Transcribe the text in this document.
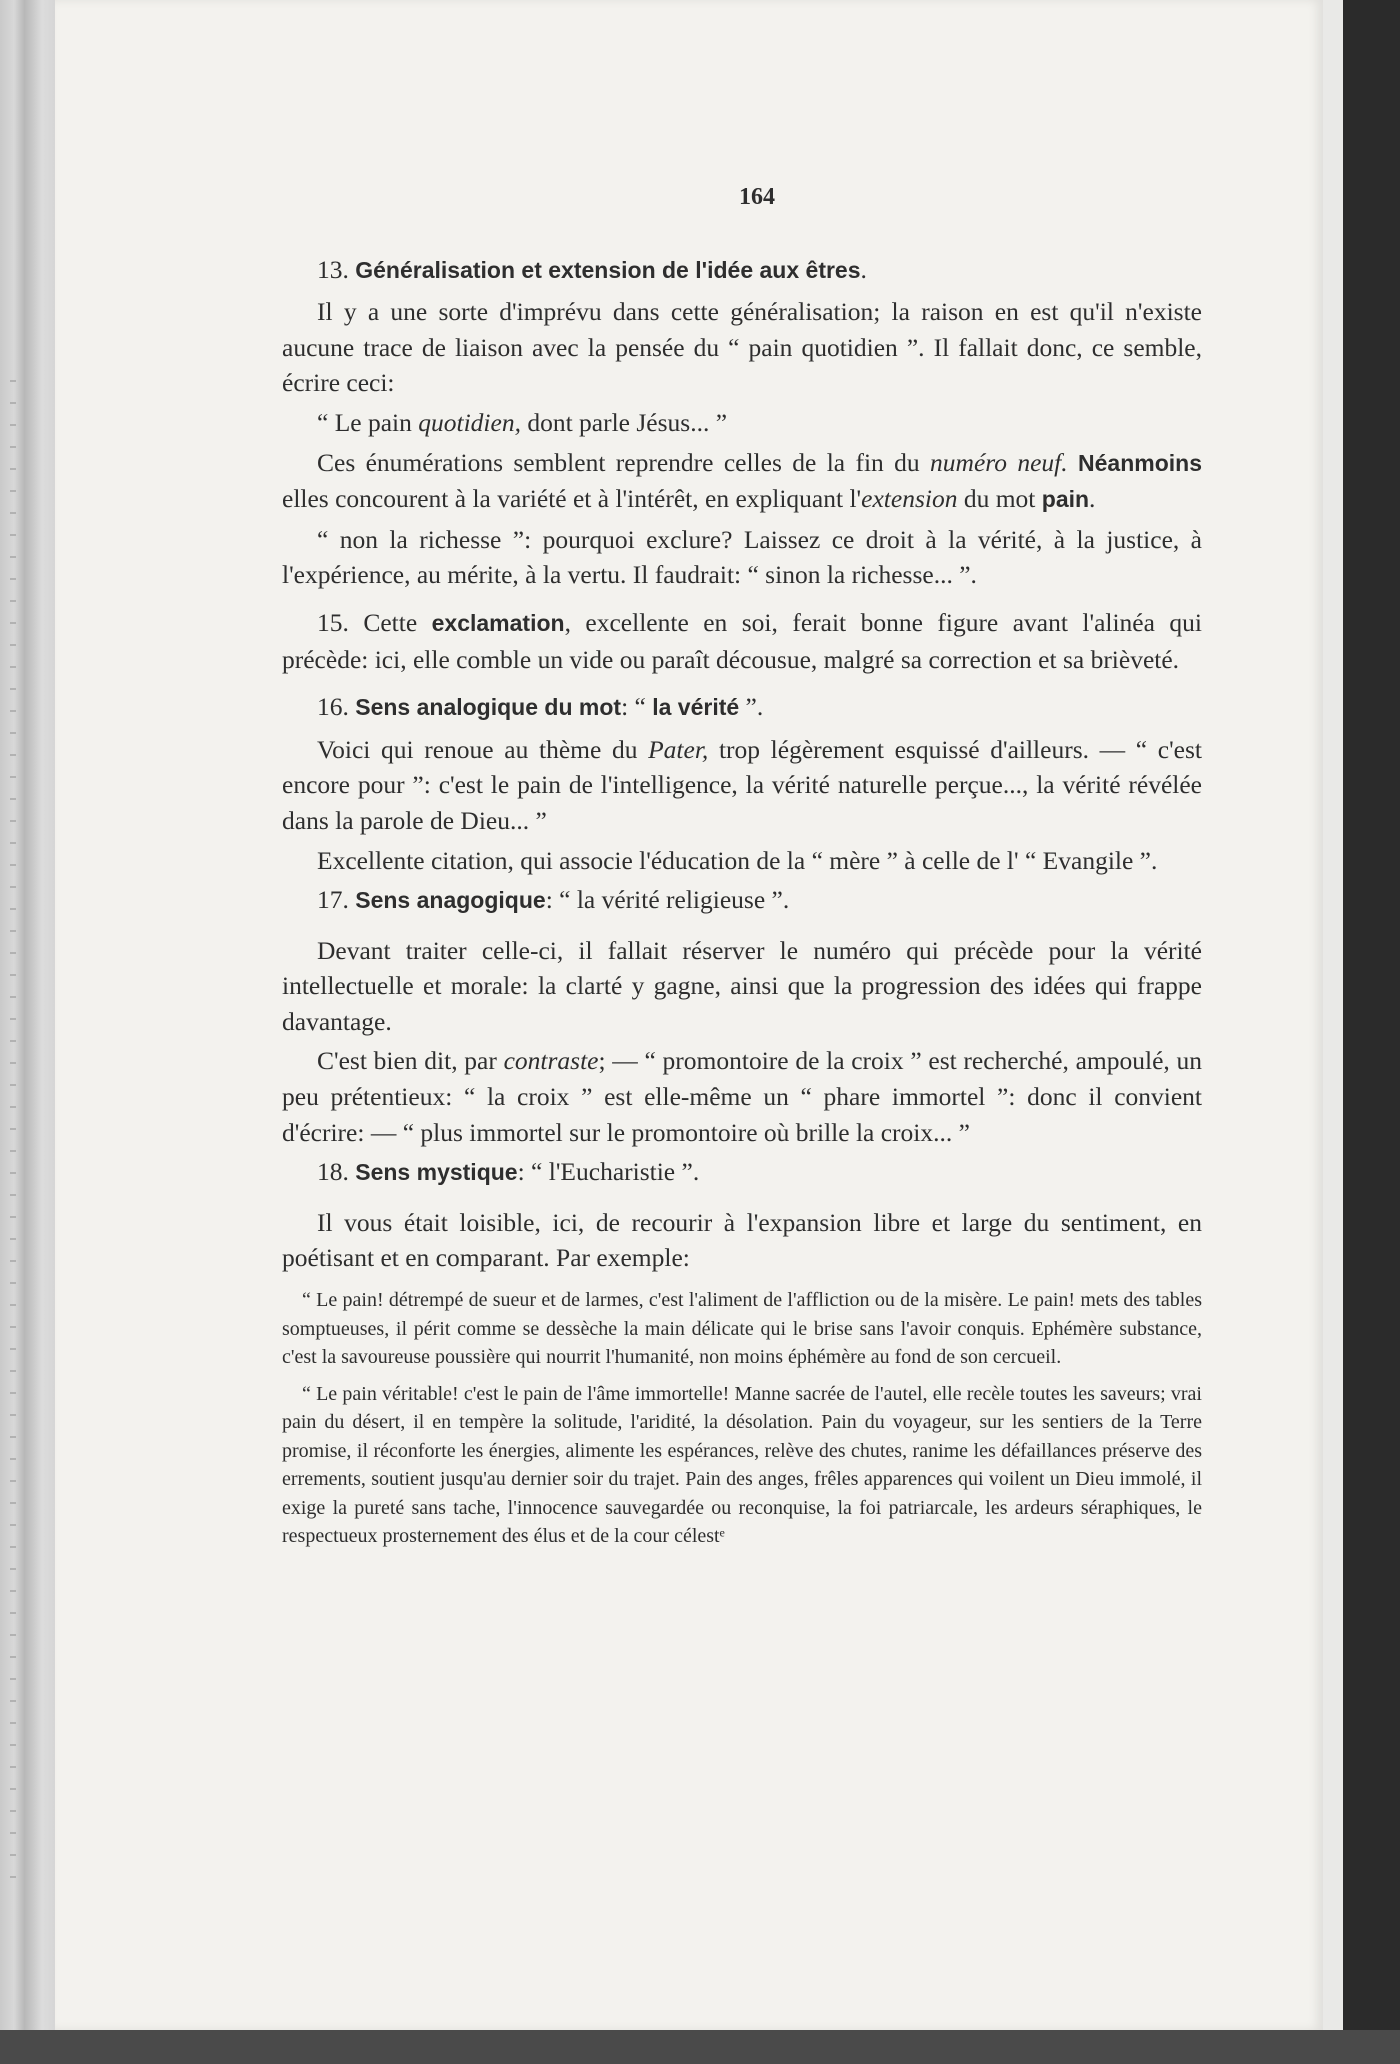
164

13. Généralisation et extension de l'idée aux êtres.

Il y a une sorte d'imprévu dans cette généralisation; la raison en est qu'il n'existe aucune trace de liaison avec la pensée du “ pain quotidien ”. Il fallait donc, ce semble, écrire ceci:

“ Le pain quotidien, dont parle Jésus... ”

Ces énumérations semblent reprendre celles de la fin du numéro neuf. Néanmoins elles concourent à la variété et à l'intérêt, en expliquant l'extension du mot pain.

“ non la richesse ”: pourquoi exclure? Laissez ce droit à la vérité, à la justice, à l'expérience, au mérite, à la vertu. Il faudrait: “ sinon la richesse... ”.

15. Cette exclamation, excellente en soi, ferait bonne figure avant l'alinéa qui précède: ici, elle comble un vide ou paraît décousue, malgré sa correction et sa brièveté.

16. Sens analogique du mot: “ la vérité ”.

Voici qui renoue au thème du Pater, trop légèrement esquissé d'ailleurs. — “ c'est encore pour ”: c'est le pain de l'intelligence, la vérité naturelle perçue..., la vérité révélée dans la parole de Dieu... ”

Excellente citation, qui associe l'éducation de la “ mère ” à celle de l' “ Evangile ”.

17. Sens anagogique: “ la vérité religieuse ”.

Devant traiter celle-ci, il fallait réserver le numéro qui précède pour la vérité intellectuelle et morale: la clarté y gagne, ainsi que la progression des idées qui frappe davantage.

C'est bien dit, par contraste; — “ promontoire de la croix ” est recherché, ampoulé, un peu prétentieux: “ la croix ” est elle-même un “ phare immortel ”: donc il convient d'écrire: — “ plus immortel sur le promontoire où brille la croix... ”

18. Sens mystique: “ l'Eucharistie ”.

Il vous était loisible, ici, de recourir à l'expansion libre et large du sentiment, en poétisant et en comparant. Par exemple:

“ Le pain! détrempé de sueur et de larmes, c'est l'aliment de l'affliction ou de la misère. Le pain! mets des tables somptueuses, il périt comme se dessèche la main délicate qui le brise sans l'avoir conquis. Ephémère substance, c'est la savoureuse poussière qui nourrit l'humanité, non moins éphémère au fond de son cercueil.

“ Le pain véritable! c'est le pain de l'âme immortelle! Manne sacrée de l'autel, elle recèle toutes les saveurs; vrai pain du désert, il en tempère la solitude, l'aridité, la désolation. Pain du voyageur, sur les sentiers de la Terre promise, il réconforte les énergies, alimente les espérances, relève des chutes, ranime les défaillances préserve des errements, soutient jusqu'au dernier soir du trajet. Pain des anges, frêles apparences qui voilent un Dieu immolé, il exige la pureté sans tache, l'innocence sauvegardée ou reconquise, la foi patriarcale, les ardeurs séraphiques, le respectueux prosternement des élus et de la cour célestᵉ
